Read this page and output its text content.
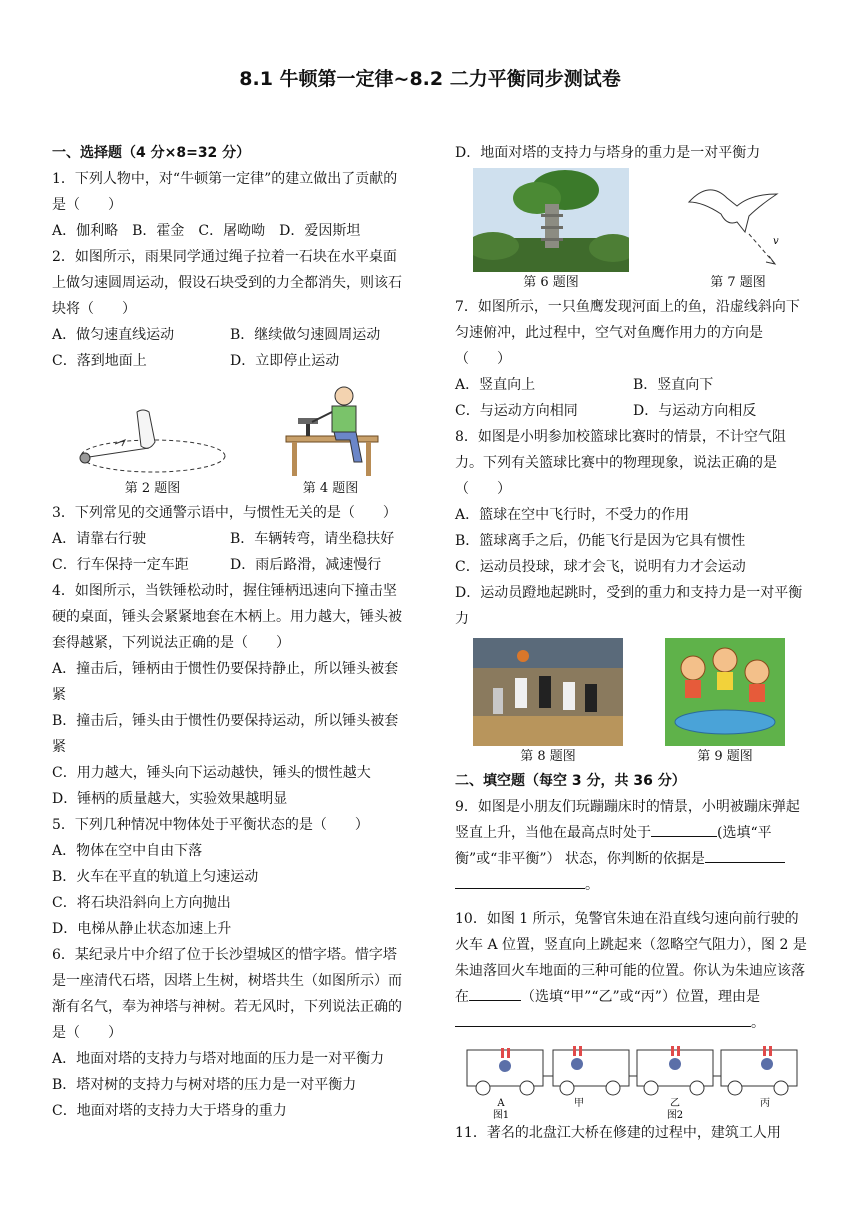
8.1 牛顿第一定律~8.2 二力平衡同步测试卷

一、选择题（4 分×8=32 分）

1．下列人物中，对“牛顿第一定律”的建立做出了贡献的是（　　）

A．伽利略　B．霍金　C．屠呦呦　D．爱因斯坦

2．如图所示，雨果同学通过绳子拉着一石块在水平桌面上做匀速圆周运动，假设石块受到的力全都消失，则该石块将（　　）

A．做匀速直线运动	B．继续做匀速圆周运动
C．落到地面上	D．立即停止运动
第 2 题图	第 4 题图

3．下列常见的交通警示语中，与惯性无关的是（　　）

A．请靠右行驶	B．车辆转弯，请坐稳扶好
C．行车保持一定车距	D．雨后路滑，减速慢行

4．如图所示，当铁锤松动时，握住锤柄迅速向下撞击坚硬的桌面，锤头会紧紧地套在木柄上。用力越大，锤头被套得越紧，下列说法正确的是（　　）

A．撞击后，锤柄由于惯性仍要保持静止，所以锤头被套紧

B．撞击后，锤头由于惯性仍要保持运动，所以锤头被套紧

C．用力越大，锤头向下运动越快，锤头的惯性越大

D．锤柄的质量越大，实验效果越明显

5．下列几种情况中物体处于平衡状态的是（　　）

A．物体在空中自由下落

B．火车在平直的轨道上匀速运动

C．将石块沿斜向上方向抛出

D．电梯从静止状态加速上升

6．某纪录片中介绍了位于长沙望城区的惜字塔。惜字塔是一座清代石塔，因塔上生树，树塔共生（如图所示）而渐有名气，奉为神塔与神树。若无风时，下列说法正确的是（　　）

A．地面对塔的支持力与塔对地面的压力是一对平衡力

B．塔对树的支持力与树对塔的压力是一对平衡力

C．地面对塔的支持力大于塔身的重力

D．地面对塔的支持力与塔身的重力是一对平衡力

第 6 题图
v
第 7 题图

7．如图所示，一只鱼鹰发现河面上的鱼，沿虚线斜向下匀速俯冲，此过程中，空气对鱼鹰作用力的方向是（　　）

A．竖直向上	B．竖直向下
C．与运动方向相同	D．与运动方向相反

8．如图是小明参加校篮球比赛时的情景，不计空气阻力。下列有关篮球比赛中的物理现象，说法正确的是（　　）

A．篮球在空中飞行时，不受力的作用

B．篮球离手之后，仍能飞行是因为它具有惯性

C．运动员投球，球才会飞，说明有力才会运动

D．运动员蹬地起跳时，受到的重力和支持力是一对平衡力

第 8 题图	第 9 题图

二、填空题（每空 3 分，共 36 分）

9．如图是小朋友们玩蹦蹦床时的情景，小明被蹦床弹起竖直上升，当他在最高点时处于	(选填“平衡”或“非平衡”） 状态，你判断的依据是
。

10．如图 1 所示，兔警官朱迪在沿直线匀速向前行驶的火车 A 位置，竖直向上跳起来（忽略空气阻力），图 2 是朱迪落回火车地面的三种可能的位置。你认为朱迪应该落在	（选填“甲”“乙”或“丙”）位置，理由是。

A
图1
甲	乙
图2
丙

11．著名的北盘江大桥在修建的过程中，建筑工人用
